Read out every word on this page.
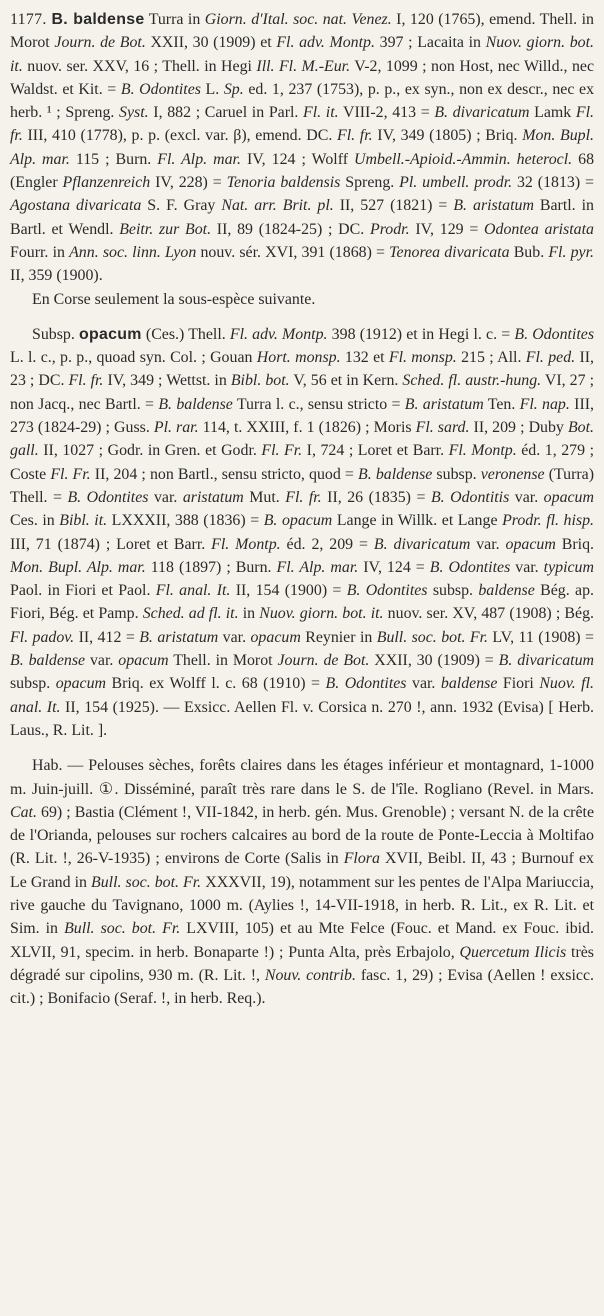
1177. B. baldense Turra in Giorn. d'Ital. soc. nat. Venez. I, 120 (1765), emend. Thell. in Morot Journ. de Bot. XXII, 30 (1909) et Fl. adv. Montp. 397 ; Lacaita in Nuov. giorn. bot. it. nuov. ser. XXV, 16 ; Thell. in Hegi Ill. Fl. M.-Eur. V-2, 1099 ; non Host, nec Willd., nec Waldst. et Kit. = B. Odontites L. Sp. ed. 1, 237 (1753), p. p., ex syn., non ex descr., nec ex herb. ¹ ; Spreng. Syst. I, 882 ; Caruel in Parl. Fl. it. VIII-2, 413 = B. divaricatum Lamk Fl. fr. III, 410 (1778), p. p. (excl. var. β), emend. DC. Fl. fr. IV, 349 (1805) ; Briq. Mon. Bupl. Alp. mar. 115 ; Burn. Fl. Alp. mar. IV, 124 ; Wolff Umbell.-Apioid.-Ammin. heterocl. 68 (Engler Pflanzenreich IV, 228) = Tenoria baldensis Spreng. Pl. umbell. prodr. 32 (1813) = Agostana divaricata S. F. Gray Nat. arr. Brit. pl. II, 527 (1821) = B. aristatum Bartl. in Bartl. et Wendl. Beitr. zur Bot. II, 89 (1824-25) ; DC. Prodr. IV, 129 = Odontea aristata Fourr. in Ann. soc. linn. Lyon nouv. sér. XVI, 391 (1868) = Tenorea divaricata Bub. Fl. pyr. II, 359 (1900).

En Corse seulement la sous-espèce suivante.

Subsp. opacum (Ces.) Thell. Fl. adv. Montp. 398 (1912) et in Hegi l. c. = B. Odontites L. l. c., p. p., quoad syn. Col. ; Gouan Hort. monsp. 132 et Fl. monsp. 215 ; All. Fl. ped. II, 23 ; DC. Fl. fr. IV, 349 ; Wettst. in Bibl. bot. V, 56 et in Kern. Sched. fl. austr.-hung. VI, 27 ; non Jacq., nec Bartl. = B. baldense Turra l. c., sensu stricto = B. aristatum Ten. Fl. nap. III, 273 (1824-29) ; Guss. Pl. rar. 114, t. XXIII, f. 1 (1826) ; Moris Fl. sard. II, 209 ; Duby Bot. gall. II, 1027 ; Godr. in Gren. et Godr. Fl. Fr. I, 724 ; Loret et Barr. Fl. Montp. éd. 1, 279 ; Coste Fl. Fr. II, 204 ; non Bartl., sensu stricto, quod = B. baldense subsp. veronense (Turra) Thell. = B. Odontites var. aristatum Mut. Fl. fr. II, 26 (1835) = B. Odontitis var. opacum Ces. in Bibl. it. LXXXII, 388 (1836) = B. opacum Lange in Willk. et Lange Prodr. fl. hisp. III, 71 (1874) ; Loret et Barr. Fl. Montp. éd. 2, 209 = B. divaricatum var. opacum Briq. Mon. Bupl. Alp. mar. 118 (1897) ; Burn. Fl. Alp. mar. IV, 124 = B. Odontites var. typicum Paol. in Fiori et Paol. Fl. anal. It. II, 154 (1900) = B. Odontites subsp. baldense Bég. ap. Fiori, Bég. et Pamp. Sched. ad fl. it. in Nuov. giorn. bot. it. nuov. ser. XV, 487 (1908) ; Bég. Fl. padov. II, 412 = B. aristatum var. opacum Reynier in Bull. soc. bot. Fr. LV, 11 (1908) = B. baldense var. opacum Thell. in Morot Journ. de Bot. XXII, 30 (1909) = B. divaricatum subsp. opacum Briq. ex Wolff l. c. 68 (1910) = B. Odontites var. baldense Fiori Nuov. fl. anal. It. II, 154 (1925). — Exsicc. Aellen Fl. v. Corsica n. 270 !, ann. 1932 (Evisa) [ Herb. Laus., R. Lit. ].

Hab. — Pelouses sèches, forêts claires dans les étages inférieur et montagnard, 1-1000 m. Juin-juill. ①. Disséminé, paraît très rare dans le S. de l'île. Rogliano (Revel. in Mars. Cat. 69) ; Bastia (Clément !, VII-1842, in herb. gén. Mus. Grenoble) ; versant N. de la crête de l'Orianda, pelouses sur rochers calcaires au bord de la route de Ponte-Leccia à Moltifao (R. Lit. !, 26-V-1935) ; environs de Corte (Salis in Flora XVII, Beibl. II, 43 ; Burnouf ex Le Grand in Bull. soc. bot. Fr. XXXVII, 19), notamment sur les pentes de l'Alpa Mariuccia, rive gauche du Tavignano, 1000 m. (Aylies !, 14-VII-1918, in herb. R. Lit., ex R. Lit. et Sim. in Bull. soc. bot. Fr. LXVIII, 105) et au Mte Felce (Fouc. et Mand. ex Fouc. ibid. XLVII, 91, specim. in herb. Bonaparte !) ; Punta Alta, près Erbajolo, Quercetum Ilicis très dégradé sur cipolins, 930 m. (R. Lit. !, Nouv. contrib. fasc. 1, 29) ; Evisa (Aellen ! exsicc. cit.) ; Bonifacio (Seraf. !, in herb. Req.).
